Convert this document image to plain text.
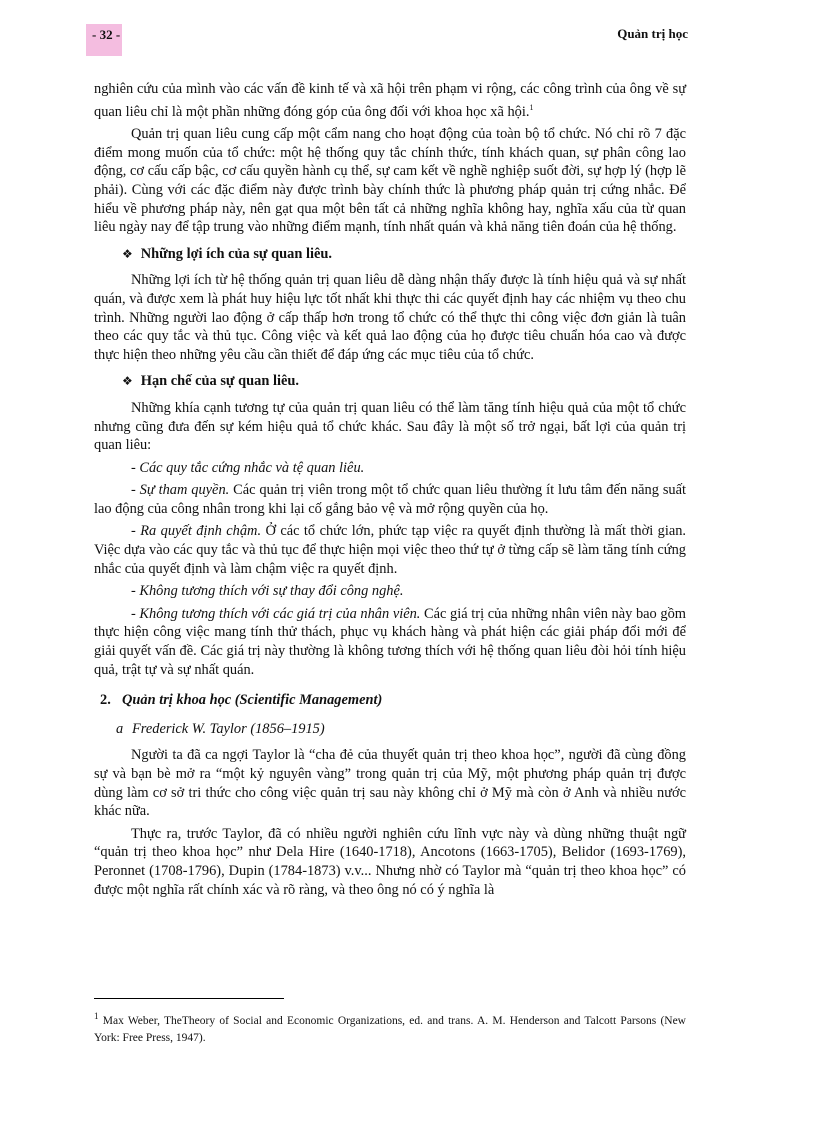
- 32 -	Quản trị học

nghiên cứu của mình vào các vấn đề kinh tế và xã hội trên phạm vi rộng, các công trình của ông về sự quan liêu chỉ là một phần những đóng góp của ông đối với khoa học xã hội.$^1$

Quản trị quan liêu cung cấp một cẩm nang cho hoạt động của toàn bộ tổ chức. Nó chỉ rõ 7 đặc điểm mong muốn của tổ chức: một hệ thống quy tắc chính thức, tính khách quan, sự phân công lao động, cơ cấu cấp bậc, cơ cấu quyền hành cụ thể, sự cam kết về nghề nghiệp suốt đời, sự hợp lý (hợp lẽ phải). Cùng với các đặc điểm này được trình bày chính thức là phương pháp quản trị cứng nhắc. Để hiểu về phương pháp này, nên gạt qua một bên tất cả những nghĩa không hay, nghĩa xấu của từ quan liêu ngày nay để tập trung vào những điểm mạnh, tính nhất quán và khả năng tiên đoán của hệ thống.

❖ Những lợi ích của sự quan liêu.

Những lợi ích từ hệ thống quản trị quan liêu dễ dàng nhận thấy được là tính hiệu quả và sự nhất quán, và được xem là phát huy hiệu lực tốt nhất khi thực thi các quyết định hay các nhiệm vụ theo chu trình. Những người lao động ở cấp thấp hơn trong tổ chức có thể thực thi công việc đơn giản là tuân theo các quy tắc và thủ tục. Công việc và kết quả lao động của họ được tiêu chuẩn hóa cao và được thực hiện theo những yêu cầu cần thiết để đáp ứng các mục tiêu của tổ chức.

❖ Hạn chế của sự quan liêu.

Những khía cạnh tương tự của quản trị quan liêu có thể làm tăng tính hiệu quả của một tổ chức nhưng cũng đưa đến sự kém hiệu quả tổ chức khác. Sau đây là một số trở ngại, bất lợi của quản trị quan liêu:

- Các quy tắc cứng nhắc và tệ quan liêu.

- Sự tham quyền. Các quản trị viên trong một tổ chức quan liêu thường ít lưu tâm đến năng suất lao động của công nhân trong khi lại cố gắng bảo vệ và mở rộng quyền của họ.

- Ra quyết định chậm. Ở các tổ chức lớn, phức tạp việc ra quyết định thường là mất thời gian. Việc dựa vào các quy tắc và thủ tục để thực hiện mọi việc theo thứ tự ở từng cấp sẽ làm tăng tính cứng nhắc của quyết định và làm chậm việc ra quyết định.

- Không tương thích với sự thay đổi công nghệ.

- Không tương thích với các giá trị của nhân viên. Các giá trị của những nhân viên này bao gồm thực hiện công việc mang tính thử thách, phục vụ khách hàng và phát hiện các giải pháp đổi mới để giải quyết vấn đề. Các giá trị này thường là không tương thích với hệ thống quan liêu đòi hỏi tính hiệu quả, trật tự và sự nhất quán.

2. Quản trị khoa học (Scientific Management)
a Frederick W. Taylor (1856–1915)

Người ta đã ca ngợi Taylor là “cha đẻ của thuyết quản trị theo khoa học”, người đã cùng đồng sự và bạn bè mở ra “một kỷ nguyên vàng” trong quản trị của Mỹ, một phương pháp quản trị được dùng làm cơ sở tri thức cho công việc quản trị sau này không chỉ ở Mỹ mà còn ở Anh và nhiều nước khác nữa.

Thực ra, trước Taylor, đã có nhiều người nghiên cứu lĩnh vực này và dùng những thuật ngữ “quản trị theo khoa học” như Dela Hire (1640-1718), Ancotons (1663-1705), Belidor (1693-1769), Peronnet (1708-1796), Dupin (1784-1873) v.v... Nhưng nhờ có Taylor mà “quản trị theo khoa học” có được một nghĩa rất chính xác và rõ ràng, và theo ông nó có ý nghĩa là

$^1$ Max Weber, TheTheory of Social and Economic Organizations, ed. and trans. A. M. Henderson and Talcott Parsons (New York: Free Press, 1947).
